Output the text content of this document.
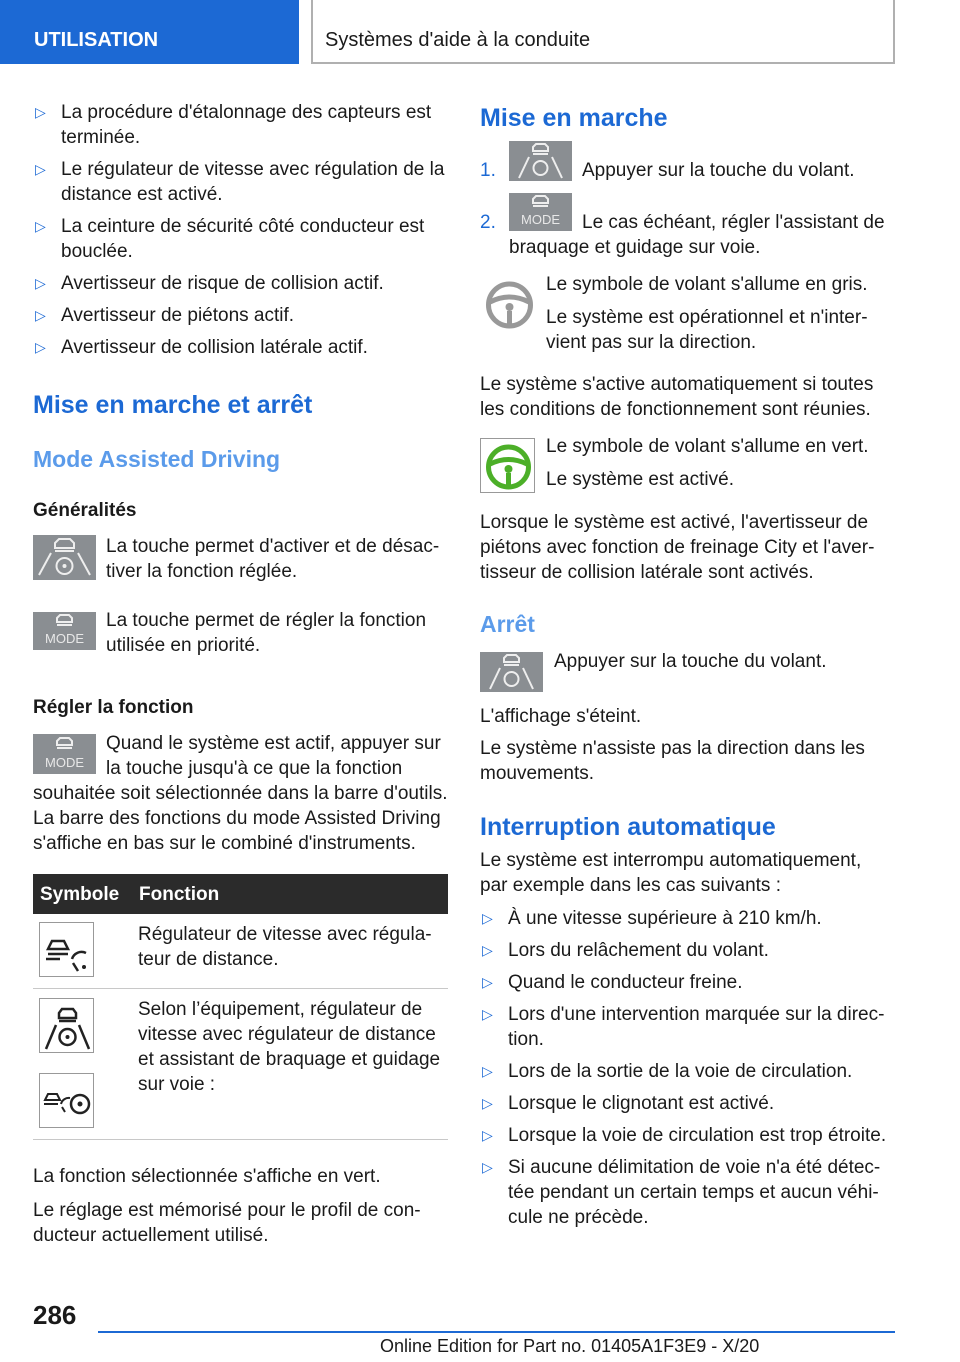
UTILISATION	Systèmes d'aide à la conduite
▷ La procédure d'étalonnage des capteurs est terminée.
▷ Le régulateur de vitesse avec régulation de la distance est activé.
▷ La ceinture de sécurité côté conducteur est bouclée.
▷ Avertisseur de risque de collision actif.
▷ Avertisseur de piétons actif.
▷ Avertisseur de collision latérale actif.
Mise en marche et arrêt
Mode Assisted Driving
Généralités
La touche permet d'activer et de désac-tiver la fonction réglée.
MODE
La touche permet de régler la fonction utilisée en priorité.
Régler la fonction
MODE
Quand le système est actif, appuyer sur la touche jusqu'à ce que la fonction
souhaitée soit sélectionnée dans la barre d'outils. La barre des fonctions du mode Assisted Driving s'affiche en bas sur le combiné d'instruments.
Symbole Fonction
Régulateur de vitesse avec régula-teur de distance.
Selon l’équipement, régulateur de vitesse avec régulateur de distance et assistant de braquage et guidage sur voie :
La fonction sélectionnée s'affiche en vert.
Le réglage est mémorisé pour le profil de con-ducteur actuellement utilisé.
Mise en marche
1.	Appuyer sur la touche du volant.
2.	MODE	Le cas échéant, régler l'assistant de
braquage et guidage sur voie.
Le symbole de volant s'allume en gris.
Le système est opérationnel et n'inter-vient pas sur la direction.
Le système s'active automatiquement si toutes les conditions de fonctionnement sont réunies.
Le symbole de volant s'allume en vert.
Le système est activé.
Lorsque le système est activé, l'avertisseur de piétons avec fonction de freinage City et l'aver-tisseur de collision latérale sont activés.
Arrêt
Appuyer sur la touche du volant.
L'affichage s'éteint.
Le système n'assiste pas la direction dans les mouvements.
Interruption automatique
Le système est interrompu automatiquement, par exemple dans les cas suivants :
▷ À une vitesse supérieure à 210 km/h.
▷ Lors du relâchement du volant.
▷ Quand le conducteur freine.
▷ Lors d'une intervention marquée sur la direc-tion.
▷ Lors de la sortie de la voie de circulation.
▷ Lorsque le clignotant est activé.
▷ Lorsque la voie de circulation est trop étroite.
▷ Si aucune délimitation de voie n'a été détec-tée pendant un certain temps et aucun véhi-cule ne précède.
286
Online Edition for Part no. 01405A1F3E9 - X/20
